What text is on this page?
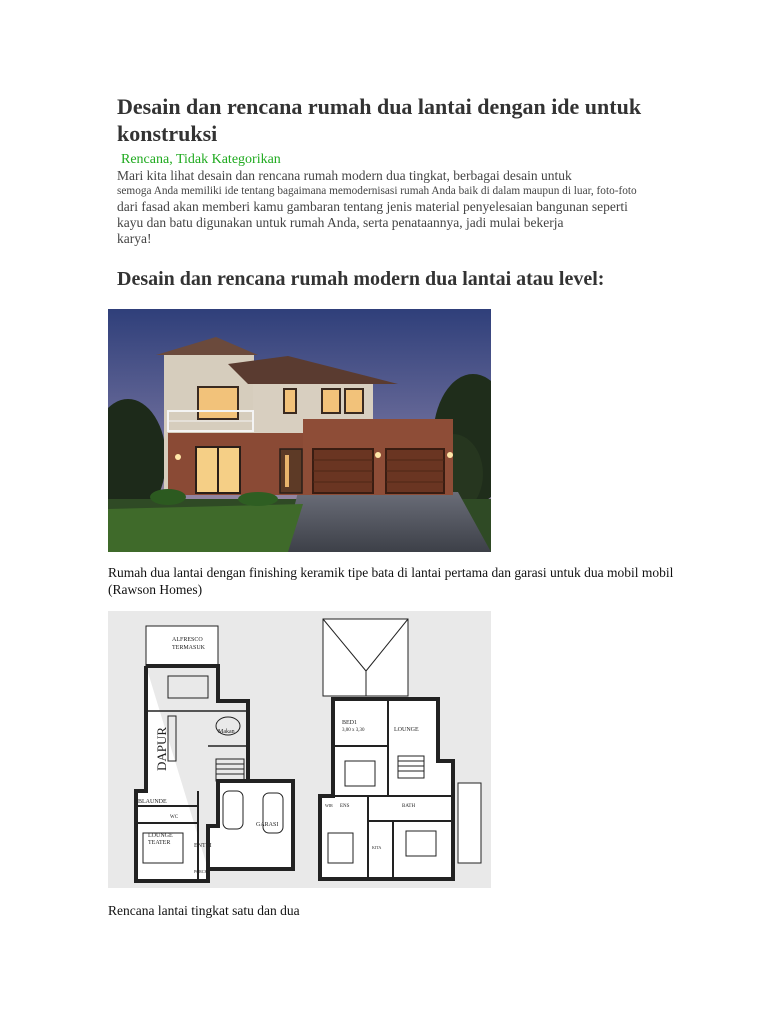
Desain dan rencana rumah dua lantai dengan ide untuk konstruksi
Rencana, Tidak Kategorikan
Mari kita lihat desain dan rencana rumah modern dua tingkat, berbagai desain untuk
semoga Anda memiliki ide tentang bagaimana memodernisasi rumah Anda baik di dalam maupun di luar, foto-foto
dari fasad akan memberi kamu gambaran tentang jenis material penyelesaian bangunan seperti
kayu dan batu digunakan untuk rumah Anda, serta penataannya, jadi mulai bekerja
karya!
Desain dan rencana rumah modern dua lantai atau level:
Rumah dua lantai dengan finishing keramik tipe bata di lantai pertama dan garasi untuk dua mobil mobil (Rawson Homes)
ALFRESCO
TERMASUK
DAPUR	Makan
BLAUNDE
WC
LOUNGE
TEATER	ENTRI
GARASI
PORCH
BED1
3,00 x 3,30	LOUNGE
BATH
ENS
WIR
KITA
Rencana lantai tingkat satu dan dua
